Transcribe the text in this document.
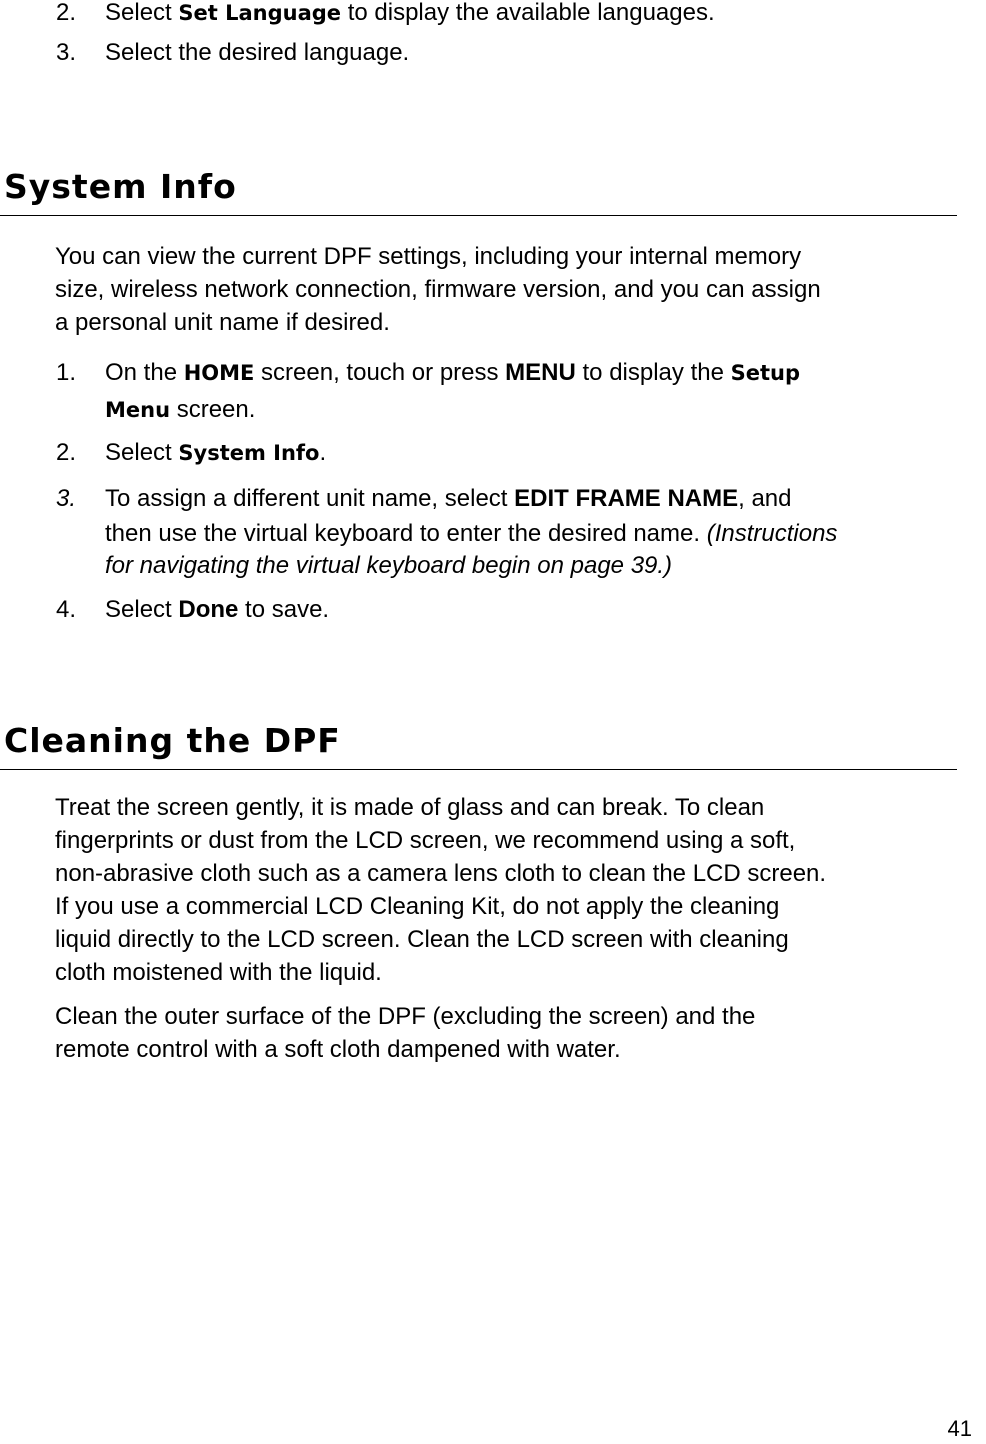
2. Select Set Language to display the available languages.

3. Select the desired language.

System Info

You can view the current DPF settings, including your internal memory

size, wireless network connection, firmware version, and you can assign

a personal unit name if desired.

1. On the HOME screen, touch or press MENU to display the Setup

Menu screen.

2. Select System Info.

3. To assign a different unit name, select EDIT FRAME NAME, and

then use the virtual keyboard to enter the desired name. (Instructions

for navigating the virtual keyboard begin on page 39.)

4. Select Done to save.

Cleaning the DPF

Treat the screen gently, it is made of glass and can break. To clean

fingerprints or dust from the LCD screen, we recommend using a soft,

non-abrasive cloth such as a camera lens cloth to clean the LCD screen.

If you use a commercial LCD Cleaning Kit, do not apply the cleaning

liquid directly to the LCD screen. Clean the LCD screen with cleaning

cloth moistened with the liquid.

Clean the outer surface of the DPF (excluding the screen) and the

remote control with a soft cloth dampened with water.

41
